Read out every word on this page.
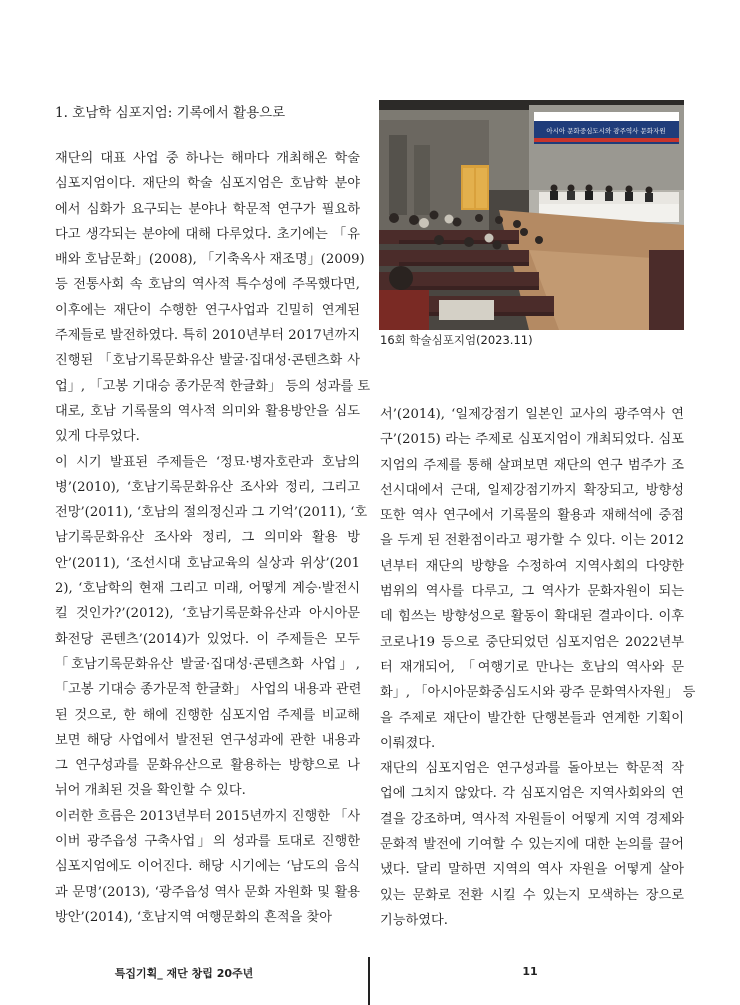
1. 호남학 심포지엄: 기록에서 활용으로
재단의 대표 사업 중 하나는 해마다 개최해온 학술
심포지엄이다. 재단의 학술 심포지엄은 호남학 분야
에서 심화가 요구되는 분야나 학문적 연구가 필요하
다고 생각되는 분야에 대해 다루었다. 초기에는 「유
배와 호남문화」(2008), 「기축옥사 재조명」(2009)
등 전통사회 속 호남의 역사적 특수성에 주목했다면,
이후에는 재단이 수행한 연구사업과 긴밀히 연계된
주제들로 발전하였다. 특히 2010년부터 2017년까지
진행된 「호남기록문화유산 발굴·집대성·콘텐츠화 사
업」, 「고봉 기대승 종가문적 한글화」 등의 성과를 토
대로, 호남 기록물의 역사적 의미와 활용방안을 심도
있게 다루었다.
이 시기 발표된 주제들은 ‘정묘·병자호란과 호남의
병’(2010), ‘호남기록문화유산 조사와 정리, 그리고
전망’(2011), ‘호남의 절의정신과 그 기억’(2011), ‘호
남기록문화유산 조사와 정리, 그 의미와 활용 방
안’(2011), ‘조선시대 호남교육의 실상과 위상’(201
2), ‘호남학의 현재 그리고 미래, 어떻게 계승·발전시
킬 것인가?’(2012), ‘호남기록문화유산과 아시아문
화전당 콘텐츠’(2014)가 있었다. 이 주제들은 모두
「호남기록문화유산 발굴·집대성·콘텐츠화 사업」,
「고봉 기대승 종가문적 한글화」 사업의 내용과 관련
된 것으로, 한 해에 진행한 심포지엄 주제를 비교해
보면 해당 사업에서 발전된 연구성과에 관한 내용과
그 연구성과를 문화유산으로 활용하는 방향으로 나
뉘어 개최된 것을 확인할 수 있다.
이러한 흐름은 2013년부터 2015년까지 진행한 「사
이버 광주읍성 구축사업」의 성과를 토대로 진행한
심포지엄에도 이어진다. 해당 시기에는 ‘남도의 음식
과 문명’(2013), ‘광주읍성 역사 문화 자원화 및 활용
방안’(2014), ‘호남지역 여행문화의 흔적을 찾아
아시아 문화중심도시와 광주역사 문화자원
16회 학술심포지엄(2023.11)
서’(2014), ‘일제강점기 일본인 교사의 광주역사 연
구’(2015) 라는 주제로 심포지엄이 개최되었다. 심포
지엄의 주제를 통해 살펴보면 재단의 연구 범주가 조
선시대에서 근대, 일제강점기까지 확장되고, 방향성
또한 역사 연구에서 기록물의 활용과 재해석에 중점
을 두게 된 전환점이라고 평가할 수 있다. 이는 2012
년부터 재단의 방향을 수정하여 지역사회의 다양한
범위의 역사를 다루고, 그 역사가 문화자원이 되는
데 힘쓰는 방향성으로 활동이 확대된 결과이다. 이후
코로나19 등으로 중단되었던 심포지엄은 2022년부
터 재개되어, 「여행기로 만나는 호남의 역사와 문
화」, 「아시아문화중심도시와 광주 문화역사자원」 등
을 주제로 재단이 발간한 단행본들과 연계한 기획이
이뤄졌다.
재단의 심포지엄은 연구성과를 돌아보는 학문적 작
업에 그치지 않았다. 각 심포지엄은 지역사회와의 연
결을 강조하며, 역사적 자원들이 어떻게 지역 경제와
문화적 발전에 기여할 수 있는지에 대한 논의를 끌어
냈다. 달리 말하면 지역의 역사 자원을 어떻게 살아
있는 문화로 전환 시킬 수 있는지 모색하는 장으로
기능하였다.
특집기획_ 재단 창립 20주년	11
